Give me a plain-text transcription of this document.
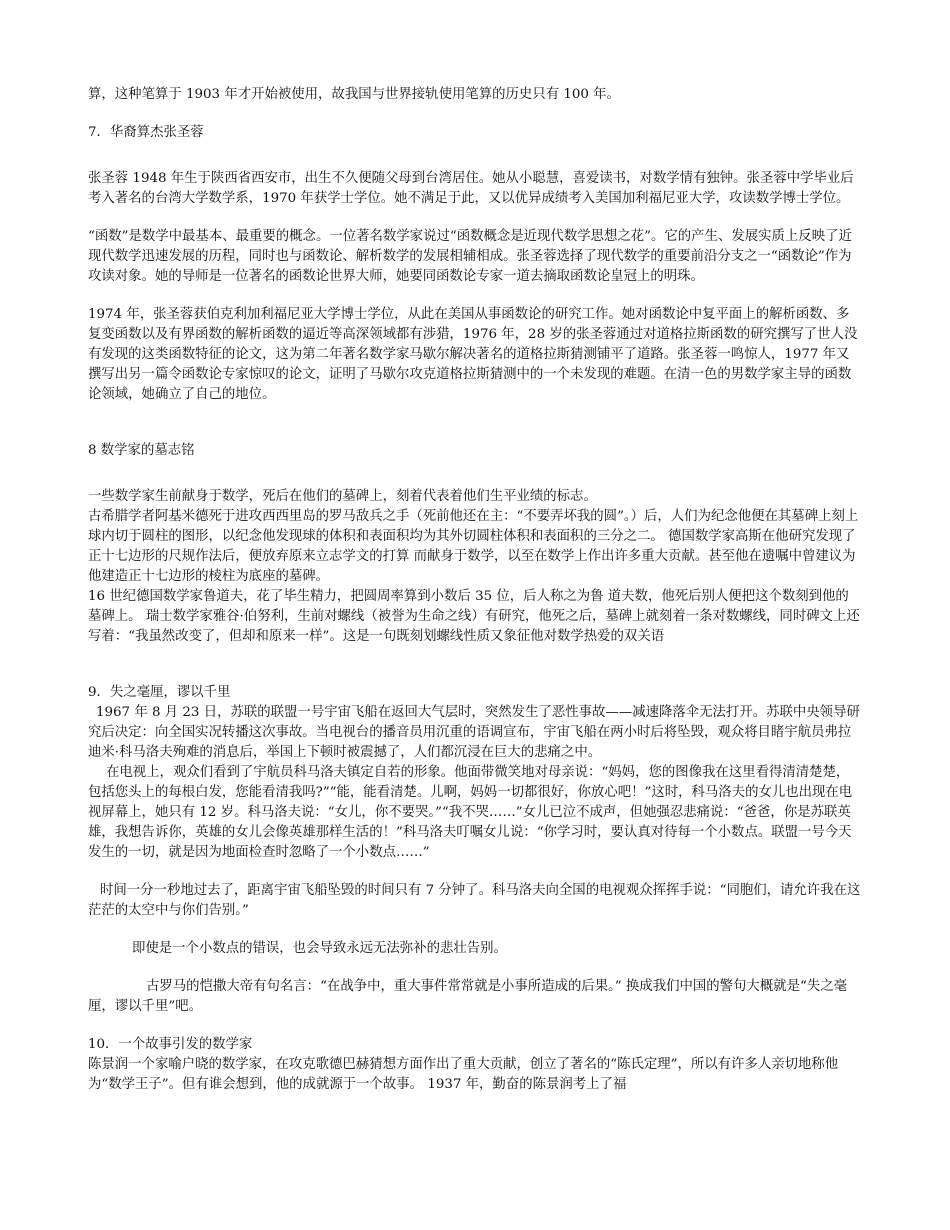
算，这种笔算于 1903 年才开始被使用，故我国与世界接轨使用笔算的历史只有 100 年。

7．华裔算杰张圣蓉

张圣蓉 1948 年生于陕西省西安市，出生不久便随父母到台湾居住。她从小聪慧，喜爱读书，对数学情有独钟。张圣蓉中学毕业后考入著名的台湾大学数学系，1970 年获学士学位。她不满足于此，又以优异成绩考入美国加利福尼亚大学，攻读数学博士学位。

“函数”是数学中最基本、最重要的概念。一位著名数学家说过“函数概念是近现代数学思想之花”。它的产生、发展实质上反映了近现代数学迅速发展的历程，同时也与函数论、解析数学的发展相辅相成。张圣蓉选择了现代数学的重要前沿分支之一“函数论”作为攻读对象。她的导师是一位著名的函数论世界大师，她要同函数论专家一道去摘取函数论皇冠上的明珠。

1974 年，张圣蓉获伯克利加利福尼亚大学博士学位，从此在美国从事函数论的研究工作。她对函数论中复平面上的解析函数、多复变函数以及有界函数的解析函数的逼近等高深领域都有涉猎，1976 年，28 岁的张圣蓉通过对道格拉斯函数的研究撰写了世人没有发现的这类函数特征的论文，这为第二年著名数学家马歇尔解决著名的道格拉斯猜测铺平了道路。张圣蓉一鸣惊人，1977 年又撰写出另一篇令函数论专家惊叹的论文，证明了马歇尔攻克道格拉斯猜测中的一个未发现的难题。在清一色的男数学家主导的函数论领域，她确立了自己的地位。

8 数学家的墓志铭

一些数学家生前献身于数学，死后在他们的墓碑上，刻着代表着他们生平业绩的标志。

古希腊学者阿基米德死于进攻西西里岛的罗马敌兵之手（死前他还在主：“不要弄坏我的圆”。）后，人们为纪念他便在其墓碑上刻上球内切于圆柱的图形，以纪念他发现球的体积和表面积均为其外切圆柱体积和表面积的三分之二。 德国数学家高斯在他研究发现了正十七边形的尺规作法后，便放弃原来立志学文的打算 而献身于数学，以至在数学上作出许多重大贡献。甚至他在遗嘱中曾建议为他建造正十七边形的棱柱为底座的墓碑。

16 世纪德国数学家鲁道夫，花了毕生精力，把圆周率算到小数后 35 位，后人称之为鲁 道夫数，他死后别人便把这个数刻到他的墓碑上。 瑞士数学家雅谷·伯努利，生前对螺线（被誉为生命之线）有研究，他死之后，墓碑上就刻着一条对数螺线，同时碑文上还写着：“我虽然改变了，但却和原来一样”。这是一句既刻划螺线性质又象征他对数学热爱的双关语

9．失之毫厘，谬以千里

1967 年 8 月 23 日，苏联的联盟一号宇宙飞船在返回大气层时，突然发生了恶性事故——减速降落伞无法打开。苏联中央领导研究后决定：向全国实况转播这次事故。当电视台的播音员用沉重的语调宣布，宇宙飞船在两小时后将坠毁，观众将目睹宇航员弗拉迪米·科马洛夫殉难的消息后，举国上下顿时被震撼了，人们都沉浸在巨大的悲痛之中。

在电视上，观众们看到了宇航员科马洛夫镇定自若的形象。他面带微笑地对母亲说：“妈妈，您的图像我在这里看得清清楚楚，包括您头上的每根白发，您能看清我吗?”“能，能看清楚。儿啊，妈妈一切都很好，你放心吧！”这时，科马洛夫的女儿也出现在电视屏幕上，她只有 12 岁。科马洛夫说：“女儿，你不要哭。”“我不哭……”女儿已泣不成声，但她强忍悲痛说：“爸爸，你是苏联英雄，我想告诉你，英雄的女儿会像英雄那样生活的！”科马洛夫叮嘱女儿说：“你学习时，要认真对待每一个小数点。联盟一号今天发生的一切，就是因为地面检查时忽略了一个小数点……”

时间一分一秒地过去了，距离宇宙飞船坠毁的时间只有 7 分钟了。科马洛夫向全国的电视观众挥挥手说：“同胞们，请允许我在这茫茫的太空中与你们告别。”

即使是一个小数点的错误，也会导致永远无法弥补的悲壮告别。

古罗马的恺撒大帝有句名言：“在战争中，重大事件常常就是小事所造成的后果。” 换成我们中国的警句大概就是“失之毫厘，谬以千里”吧。

10．一个故事引发的数学家

陈景润一个家喻户晓的数学家，在攻克歌德巴赫猜想方面作出了重大贡献，创立了著名的“陈氏定理”，所以有许多人亲切地称他为“数学王子”。但有谁会想到，他的成就源于一个故事。 1937 年，勤奋的陈景润考上了福
